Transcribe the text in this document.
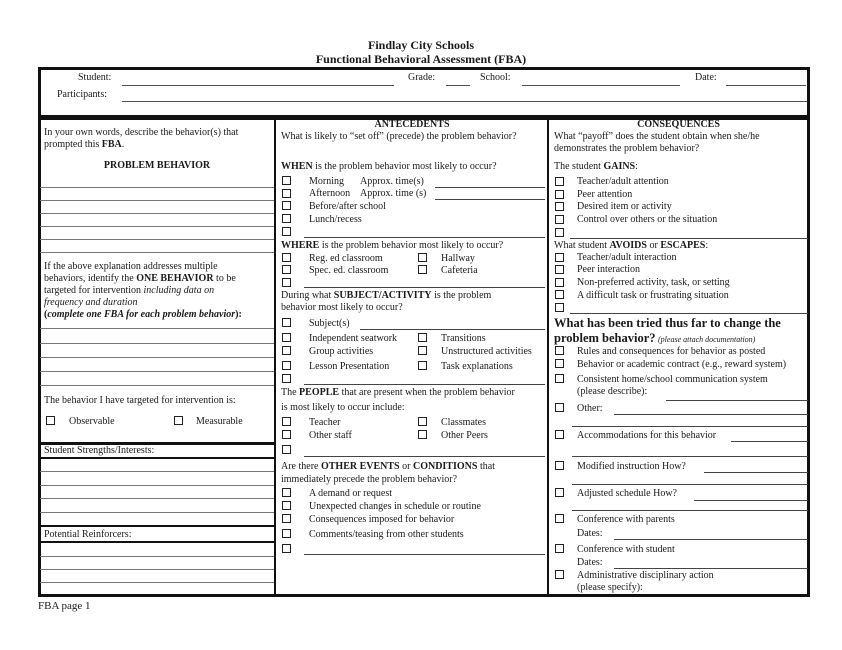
Findlay City Schools
Functional Behavioral Assessment (FBA)
Student:	Grade:	School:	Date:
Participants:
In your own words, describe the behavior(s) that
prompted this FBA.
PROBLEM BEHAVIOR
If the above explanation addresses multiple
behaviors, identify the ONE BEHAVIOR to be
targeted for intervention including data on
frequency and duration
(complete one FBA for each problem behavior):
The behavior I have targeted for intervention is:
Observable	Measurable
Student Strengths/Interests:
Potential Reinforcers:
ANTECEDENTS
What is likely to “set off” (precede) the problem behavior?
WHEN is the problem behavior most likely to occur?
Morning Approx. time(s)
Afternoon Approx. time (s)
Before/after school
Lunch/recess
WHERE is the problem behavior most likely to occur?
Reg. ed classroom	Hallway
Spec. ed. classroom	Cafeteria
During what SUBJECT/ACTIVITY is the problem
behavior most likely to occur?
Subject(s)
Independent seatwork	Transitions
Group activities	Unstructured activities
Lesson Presentation	Task explanations
The PEOPLE that are present when the problem behavior
is most likely to occur include:
Teacher	Classmates
Other staff	Other Peers
Are there OTHER EVENTS or CONDITIONS that
immediately precede the problem behavior?
A demand or request
Unexpected changes in schedule or routine
Consequences imposed for behavior
Comments/teasing from other students
CONSEQUENCES
What “payoff” does the student obtain when she/he
demonstrates the problem behavior?
The student GAINS:
Teacher/adult attention
Peer attention
Desired item or activity
Control over others or the situation
What student AVOIDS or ESCAPES:
Teacher/adult interaction
Peer interaction
Non-preferred activity, task, or setting
A difficult task or frustrating situation
What has been tried thus far to change the
problem behavior? (please attach documentation)
Rules and consequences for behavior as posted
Behavior or academic contract (e.g., reward system)
Consistent home/school communication system
(please describe):
Other:
Accommodations for this behavior
Modified instruction How?
Adjusted schedule How?
Conference with parents
Dates:
Conference with student
Dates:
Administrative disciplinary action
(please specify):
FBA page 1
